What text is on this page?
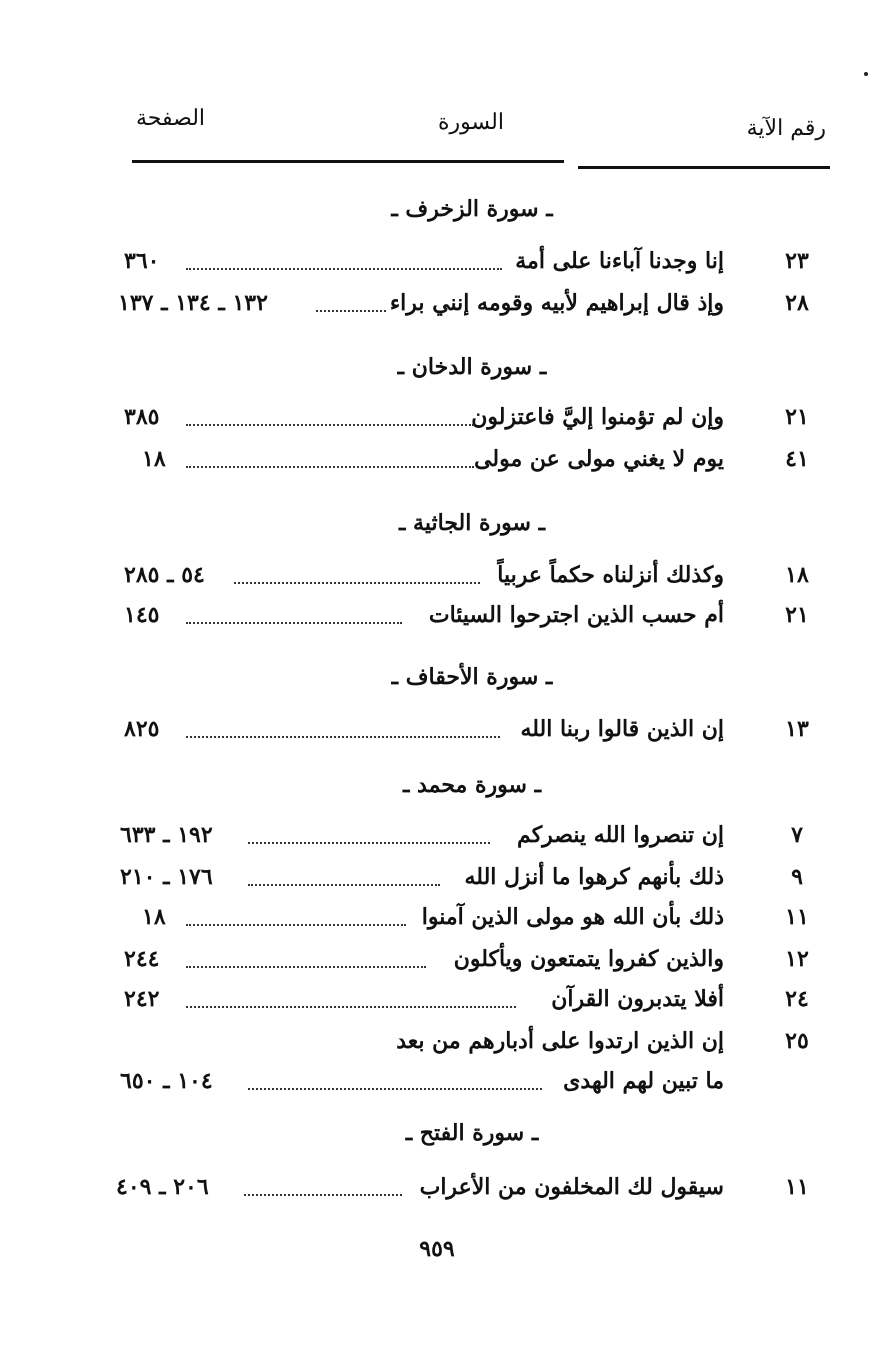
رقم الآية
السورة
الصفحة
ـ سورة الزخرف ـ
٢٣
إنا وجدنا آباءنا على أمة
٣٦٠
٢٨
وإذ قال إبراهيم لأبيه وقومه إنني براء
١٣٢ ـ ١٣٤ ـ ١٣٧
ـ سورة الدخان ـ
٢١
وإن لم تؤمنوا إليَّ فاعتزلون
٣٨٥
٤١
يوم لا يغني مولى عن مولى
١٨
ـ سورة الجاثية ـ
١٨
وكذلك أنزلناه حكماً عربياً
٥٤ ـ ٢٨٥
٢١
أم حسب الذين اجترحوا السيئات
١٤٥
ـ سورة الأحقاف ـ
١٣
إن الذين قالوا ربنا الله
٨٢٥
ـ سورة محمد ـ
٧
إن تنصروا الله ينصركم
١٩٢ ـ ٦٣٣
٩
ذلك بأنهم كرهوا ما أنزل الله
١٧٦ ـ ٢١٠
١١
ذلك بأن الله هو مولى الذين آمنوا
١٨
١٢
والذين كفروا يتمتعون ويأكلون
٢٤٤
٢٤
أفلا يتدبرون القرآن
٢٤٢
٢٥
إن الذين ارتدوا على أدبارهم من بعد
ما تبين لهم الهدى
١٠٤ ـ ٦٥٠
ـ سورة الفتح ـ
١١
سيقول لك المخلفون من الأعراب
٢٠٦ ـ ٤٠٩
٩٥٩
